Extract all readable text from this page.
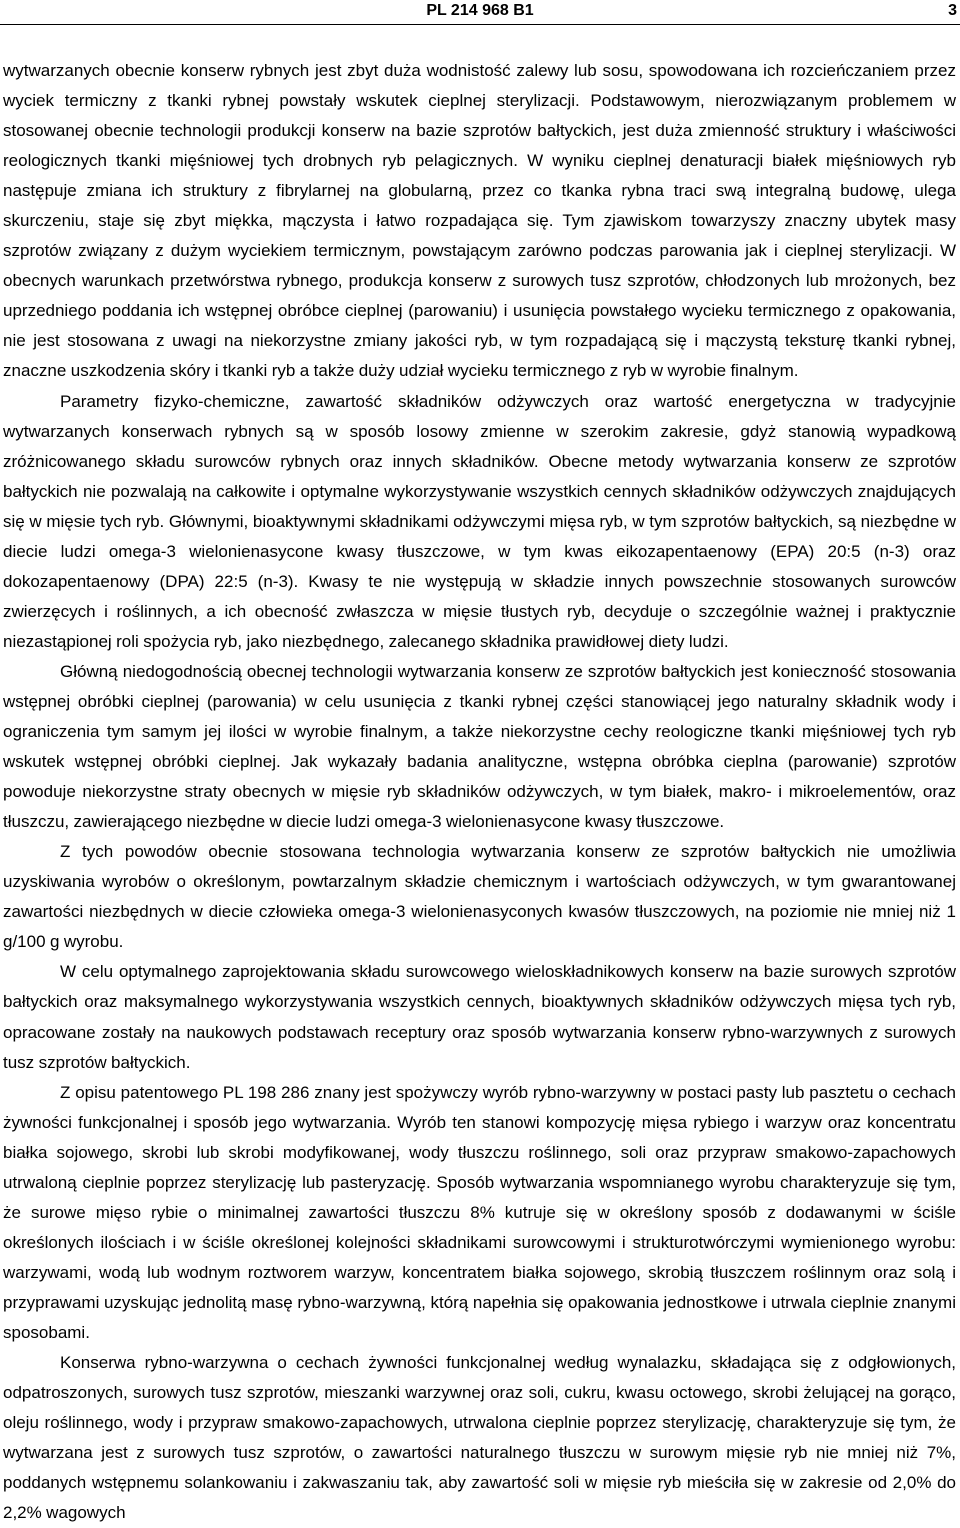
PL 214 968 B1	3

wytwarzanych obecnie konserw rybnych jest zbyt duża wodnistość zalewy lub sosu, spowodowana ich rozcieńczaniem przez wyciek termiczny z tkanki rybnej powstały wskutek cieplnej sterylizacji. Podstawowym, nierozwiązanym problemem w stosowanej obecnie technologii produkcji konserw na bazie szprotów bałtyckich, jest duża zmienność struktury i właściwości reologicznych tkanki mięśniowej tych drobnych ryb pelagicznych. W wyniku cieplnej denaturacji białek mięśniowych ryb następuje zmiana ich struktury z fibrylarnej na globularną, przez co tkanka rybna traci swą integralną budowę, ulega skurczeniu, staje się zbyt miękka, mączysta i łatwo rozpadająca się. Tym zjawiskom towarzyszy znaczny ubytek masy szprotów związany z dużym wyciekiem termicznym, powstającym zarówno podczas parowania jak i cieplnej sterylizacji. W obecnych warunkach przetwórstwa rybnego, produkcja konserw z surowych tusz szprotów, chłodzonych lub mrożonych, bez uprzedniego poddania ich wstępnej obróbce cieplnej (parowaniu) i usunięcia powstałego wycieku termicznego z opakowania, nie jest stosowana z uwagi na niekorzystne zmiany jakości ryb, w tym rozpadającą się i mączystą teksturę tkanki rybnej, znaczne uszkodzenia skóry i tkanki ryb a także duży udział wycieku termicznego z ryb w wyrobie finalnym.

Parametry fizyko-chemiczne, zawartość składników odżywczych oraz wartość energetyczna w tradycyjnie wytwarzanych konserwach rybnych są w sposób losowy zmienne w szerokim zakresie, gdyż stanowią wypadkową zróżnicowanego składu surowców rybnych oraz innych składników. Obecne metody wytwarzania konserw ze szprotów bałtyckich nie pozwalają na całkowite i optymalne wykorzystywanie wszystkich cennych składników odżywczych znajdujących się w mięsie tych ryb. Głównymi, bioaktywnymi składnikami odżywczymi mięsa ryb, w tym szprotów bałtyckich, są niezbędne w diecie ludzi omega-3 wielonienasycone kwasy tłuszczowe, w tym kwas eikozapentaenowy (EPA) 20:5 (n-3) oraz dokozapentaenowy (DPA) 22:5 (n-3). Kwasy te nie występują w składzie innych powszechnie stosowanych surowców zwierzęcych i roślinnych, a ich obecność zwłaszcza w mięsie tłustych ryb, decyduje o szczególnie ważnej i praktycznie niezastąpionej roli spożycia ryb, jako niezbędnego, zalecanego składnika prawidłowej diety ludzi.

Główną niedogodnością obecnej technologii wytwarzania konserw ze szprotów bałtyckich jest konieczność stosowania wstępnej obróbki cieplnej (parowania) w celu usunięcia z tkanki rybnej części stanowiącej jego naturalny składnik wody i ograniczenia tym samym jej ilości w wyrobie finalnym, a także niekorzystne cechy reologiczne tkanki mięśniowej tych ryb wskutek wstępnej obróbki cieplnej. Jak wykazały badania analityczne, wstępna obróbka cieplna (parowanie) szprotów powoduje niekorzystne straty obecnych w mięsie ryb składników odżywczych, w tym białek, makro- i mikroelementów, oraz tłuszczu, zawierającego niezbędne w diecie ludzi omega-3 wielonienasycone kwasy tłuszczowe.

Z tych powodów obecnie stosowana technologia wytwarzania konserw ze szprotów bałtyckich nie umożliwia uzyskiwania wyrobów o określonym, powtarzalnym składzie chemicznym i wartościach odżywczych, w tym gwarantowanej zawartości niezbędnych w diecie człowieka omega-3 wielonienasyconych kwasów tłuszczowych, na poziomie nie mniej niż 1 g/100 g wyrobu.

W celu optymalnego zaprojektowania składu surowcowego wieloskładnikowych konserw na bazie surowych szprotów bałtyckich oraz maksymalnego wykorzystywania wszystkich cennych, bioaktywnych składników odżywczych mięsa tych ryb, opracowane zostały na naukowych podstawach receptury oraz sposób wytwarzania konserw rybno-warzywnych z surowych tusz szprotów bałtyckich.

Z opisu patentowego PL 198 286 znany jest spożywczy wyrób rybno-warzywny w postaci pasty lub pasztetu o cechach żywności funkcjonalnej i sposób jego wytwarzania. Wyrób ten stanowi kompozycję mięsa rybiego i warzyw oraz koncentratu białka sojowego, skrobi lub skrobi modyfikowanej, wody tłuszczu roślinnego, soli oraz przypraw smakowo-zapachowych utrwaloną cieplnie poprzez sterylizację lub pasteryzację. Sposób wytwarzania wspomnianego wyrobu charakteryzuje się tym, że surowe mięso rybie o minimalnej zawartości tłuszczu 8% kutruje się w określony sposób z dodawanymi w ściśle określonych ilościach i w ściśle określonej kolejności składnikami surowcowymi i strukturotwórczymi wymienionego wyrobu: warzywami, wodą lub wodnym roztworem warzyw, koncentratem białka sojowego, skrobią tłuszczem roślinnym oraz solą i przyprawami uzyskując jednolitą masę rybno-warzywną, którą napełnia się opakowania jednostkowe i utrwala cieplnie znanymi sposobami.

Konserwa rybno-warzywna o cechach żywności funkcjonalnej według wynalazku, składająca się z odgłowionych, odpatroszonych, surowych tusz szprotów, mieszanki warzywnej oraz soli, cukru, kwasu octowego, skrobi żelującej na gorąco, oleju roślinnego, wody i przypraw smakowo-zapachowych, utrwalona cieplnie poprzez sterylizację, charakteryzuje się tym, że wytwarzana jest z surowych tusz szprotów, o zawartości naturalnego tłuszczu w surowym mięsie ryb nie mniej niż 7%, poddanych wstępnemu solankowaniu i zakwaszaniu tak, aby zawartość soli w mięsie ryb mieściła się w zakresie od 2,0% do 2,2% wagowych
